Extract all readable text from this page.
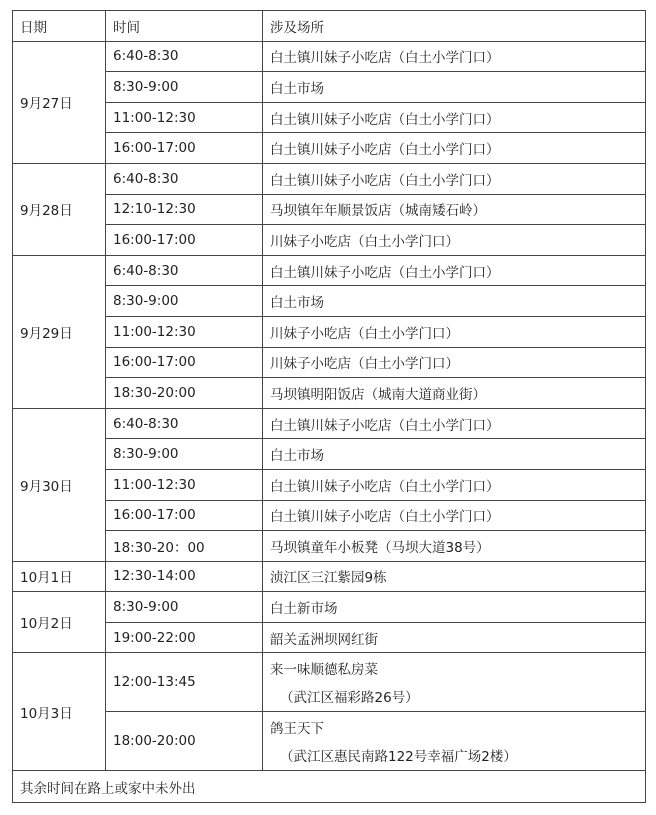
日期	时间	涉及场所
9月27日	6:40-8:30	白土镇川妹子小吃店（白土小学门口）
	8:30-9:00	白土市场
	11:00-12:30	白土镇川妹子小吃店（白土小学门口）
	16:00-17:00	白土镇川妹子小吃店（白土小学门口）
9月28日	6:40-8:30	白土镇川妹子小吃店（白土小学门口）
	12:10-12:30	马坝镇年年顺景饭店（城南矮石岭）
	16:00-17:00	川妹子小吃店（白土小学门口）
9月29日	6:40-8:30	白土镇川妹子小吃店（白土小学门口）
	8:30-9:00	白土市场
	11:00-12:30	川妹子小吃店（白土小学门口）
	16:00-17:00	川妹子小吃店（白土小学门口）
	18:30-20:00	马坝镇明阳饭店（城南大道商业街）
9月30日	6:40-8:30	白土镇川妹子小吃店（白土小学门口）
	8:30-9:00	白土市场
	11:00-12:30	白土镇川妹子小吃店（白土小学门口）
	16:00-17:00	白土镇川妹子小吃店（白土小学门口）
	18:30-20：00	马坝镇童年小板凳（马坝大道38号）
10月1日	12:30-14:00	浈江区三江紫园9栋
10月2日	8:30-9:00	白土新市场
	19:00-22:00	韶关孟洲坝网红街
10月3日	12:00-13:45	来一味顺德私房菜
（武江区福彩路26号）

	18:00-20:00	鸽王天下
（武江区惠民南路122号幸福广场2楼）

其余时间在路上或家中未外出		
